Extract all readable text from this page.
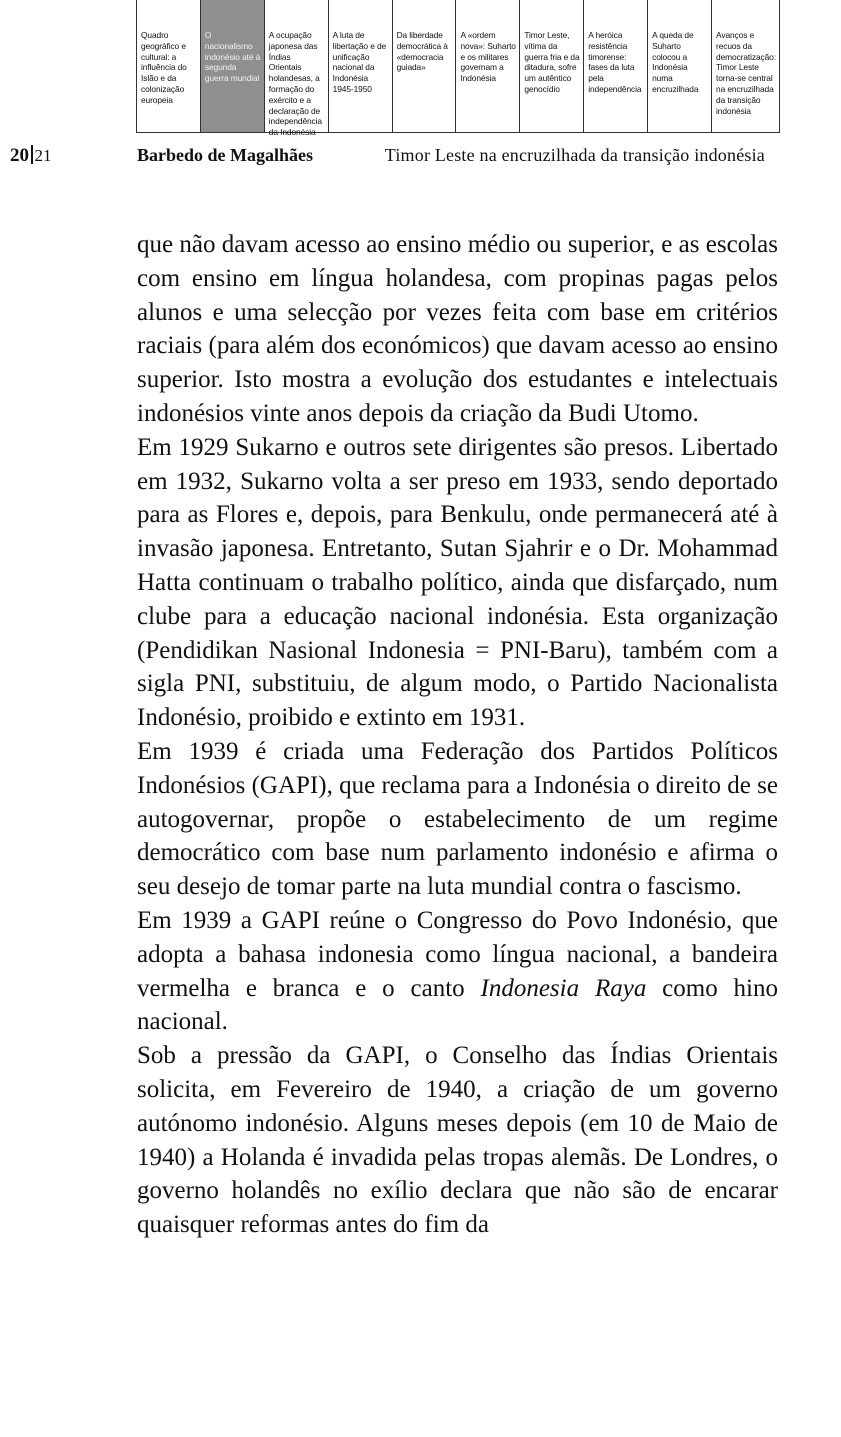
Quadro geográfico e cultural: a influência do Islão e da colonização europeia
O nacionalismo indonésio até à segunda guerra mundial
A ocupação japonesa das Índias Orientais holandesas, a formação do exército e a declaração de independência da Indonésia
A luta de libertação e de unificação nacional da Indonésia 1945-1950
Da liberdade democrática à «democracia guiada»
A «ordem nova»: Suharto e os militares governam a Indonésia
Timor Leste, vítima da guerra fria e da ditadura, sofre um autêntico genocídio
A heróica resistência timorense: fases da luta pela independência
A queda de Suharto colocou a Indonésia numa encruzilhada
Avanços e recuos da democratização: Timor Leste torna-se central na encruzilhada da transição indonésia
20 21	Barbedo de Magalhães	Timor Leste na encruzilhada da transição indonésia

que não davam acesso ao ensino médio ou superior, e as escolas com ensino em língua holandesa, com propinas pagas pelos alunos e uma selecção por vezes feita com base em critérios raciais (para além dos económicos) que davam acesso ao ensino superior. Isto mostra a evolução dos estudantes e intelectuais indonésios vinte anos depois da criação da Budi Utomo.

Em 1929 Sukarno e outros sete dirigentes são presos. Libertado em 1932, Sukarno volta a ser preso em 1933, sendo deportado para as Flores e, depois, para Benkulu, onde permanecerá até à invasão japonesa. Entretanto, Sutan Sjahrir e o Dr. Mohammad Hatta continuam o trabalho político, ainda que disfarçado, num clube para a educação nacional indonésia. Esta organização (Pendidikan Nasional Indonesia = PNI-Baru), também com a sigla PNI, substituiu, de algum modo, o Partido Nacionalista Indonésio, proibido e extinto em 1931.

Em 1939 é criada uma Federação dos Partidos Políticos Indonésios (GAPI), que reclama para a Indonésia o direito de se autogovernar, propõe o estabelecimento de um regime democrático com base num parlamento indonésio e afirma o seu desejo de tomar parte na luta mundial contra o fascismo.

Em 1939 a GAPI reúne o Congresso do Povo Indonésio, que adopta a bahasa indonesia como língua nacional, a bandeira vermelha e branca e o canto Indonesia Raya como hino nacional.

Sob a pressão da GAPI, o Conselho das Índias Orientais solicita, em Fevereiro de 1940, a criação de um governo autónomo indonésio. Alguns meses depois (em 10 de Maio de 1940) a Holanda é invadida pelas tropas alemãs. De Londres, o governo holandês no exílio declara que não são de encarar quaisquer reformas antes do fim da
